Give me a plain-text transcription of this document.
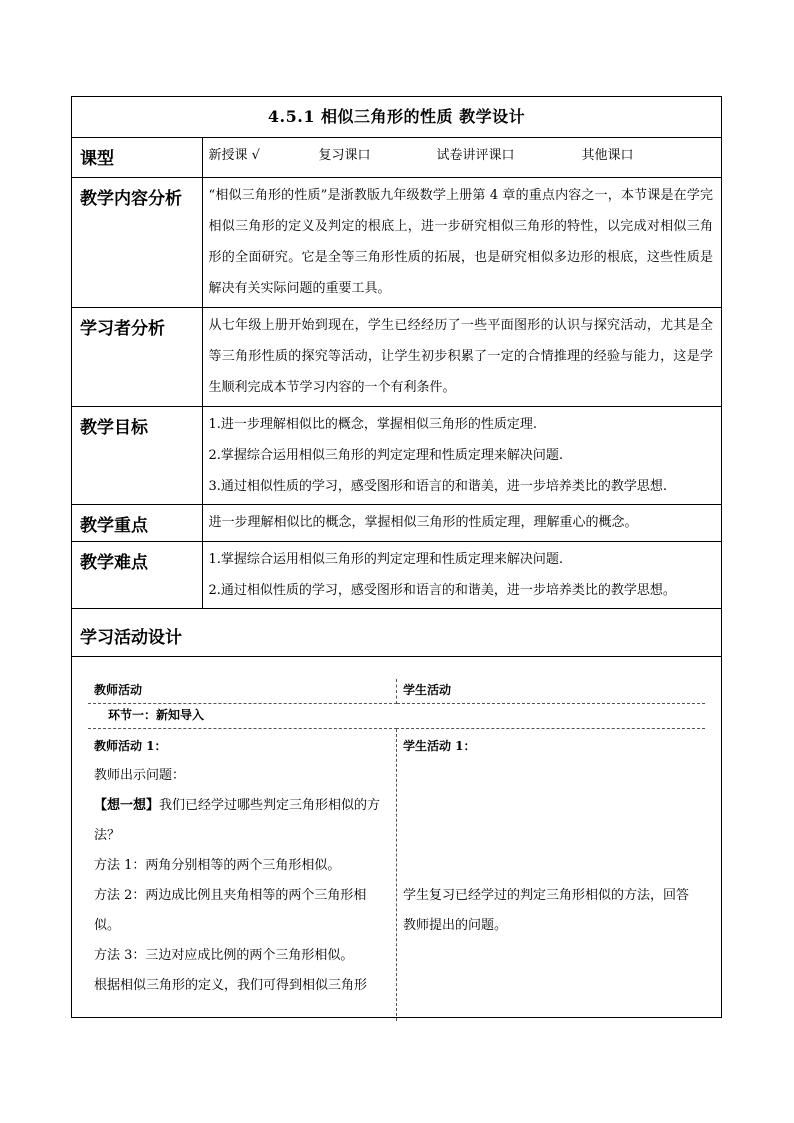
4.5.1 相似三角形的性质 教学设计
课型	新授课 √	复习课口	试卷讲评课口	其他课口
教学内容分析	“相似三角形的性质”是浙教版九年级数学上册第 4 章的重点内容之一，本节课是在学完相似三角形的定义及判定的根底上，进一步研究相似三角形的特性，以完成对相似三角形的全面研究。它是全等三角形性质的拓展，也是研究相似多边形的根底，这些性质是解决有关实际问题的重要工具。
学习者分析	从七年级上册开始到现在，学生已经经历了一些平面图形的认识与探究活动，尤其是全等三角形性质的探究等活动，让学生初步积累了一定的合情推理的经验与能力，这是学生顺利完成本节学习内容的一个有利条件。
教学目标	1.进一步理解相似比的概念，掌握相似三角形的性质定理.
2.掌握综合运用相似三角形的判定定理和性质定理来解决问题.
3.通过相似性质的学习，感受图形和语言的和谐美，进一步培养类比的教学思想.

教学重点	进一步理解相似比的概念，掌握相似三角形的性质定理，理解重心的概念。
教学难点	1.掌握综合运用相似三角形的判定定理和性质定理来解决问题.
2.通过相似性质的学习，感受图形和语言的和谐美，进一步培养类比的教学思想。

学习活动设计

教师活动	学生活动
环节一：新知导入

教师活动 1：
教师出示问题：
【想一想】我们已经学过哪些判定三角形相似的方法？
方法 1：两角分别相等的两个三角形相似。
方法 2：两边成比例且夹角相等的两个三角形相似。
方法 3：三边对应成比例的两个三角形相似。
根据相似三角形的定义，我们可得到相似三角形

学生活动 1：
学生复习已经学过的判定三角形相似的方法，回答教师提出的问题。
